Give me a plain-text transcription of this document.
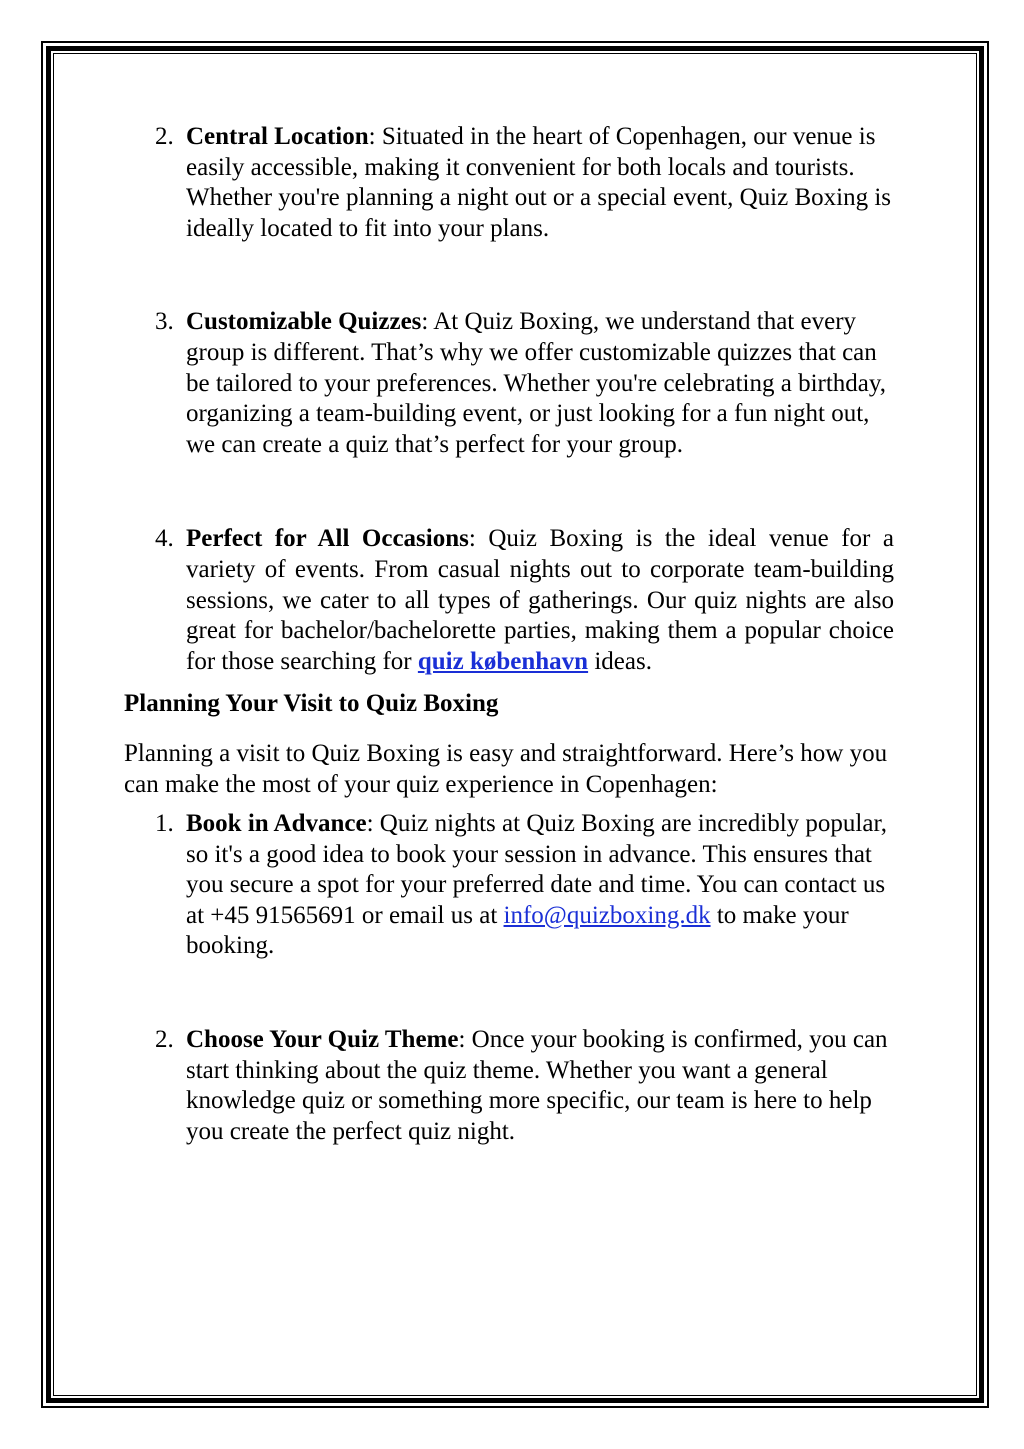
2. Central Location: Situated in the heart of Copenhagen, our venue is easily accessible, making it convenient for both locals and tourists. Whether you're planning a night out or a special event, Quiz Boxing is ideally located to fit into your plans.
3. Customizable Quizzes: At Quiz Boxing, we understand that every group is different. That’s why we offer customizable quizzes that can be tailored to your preferences. Whether you're celebrating a birthday, organizing a team-building event, or just looking for a fun night out, we can create a quiz that’s perfect for your group.
4. Perfect for All Occasions: Quiz Boxing is the ideal venue for a variety of events. From casual nights out to corporate team-building sessions, we cater to all types of gatherings. Our quiz nights are also great for bachelor/bachelorette parties, making them a popular choice for those searching for quiz københavn ideas.

Planning Your Visit to Quiz Boxing

Planning a visit to Quiz Boxing is easy and straightforward. Here’s how you can make the most of your quiz experience in Copenhagen:

1. Book in Advance: Quiz nights at Quiz Boxing are incredibly popular, so it's a good idea to book your session in advance. This ensures that you secure a spot for your preferred date and time. You can contact us at +45 91565691 or email us at info@quizboxing.dk to make your booking.
2. Choose Your Quiz Theme: Once your booking is confirmed, you can start thinking about the quiz theme. Whether you want a general knowledge quiz or something more specific, our team is here to help you create the perfect quiz night.
